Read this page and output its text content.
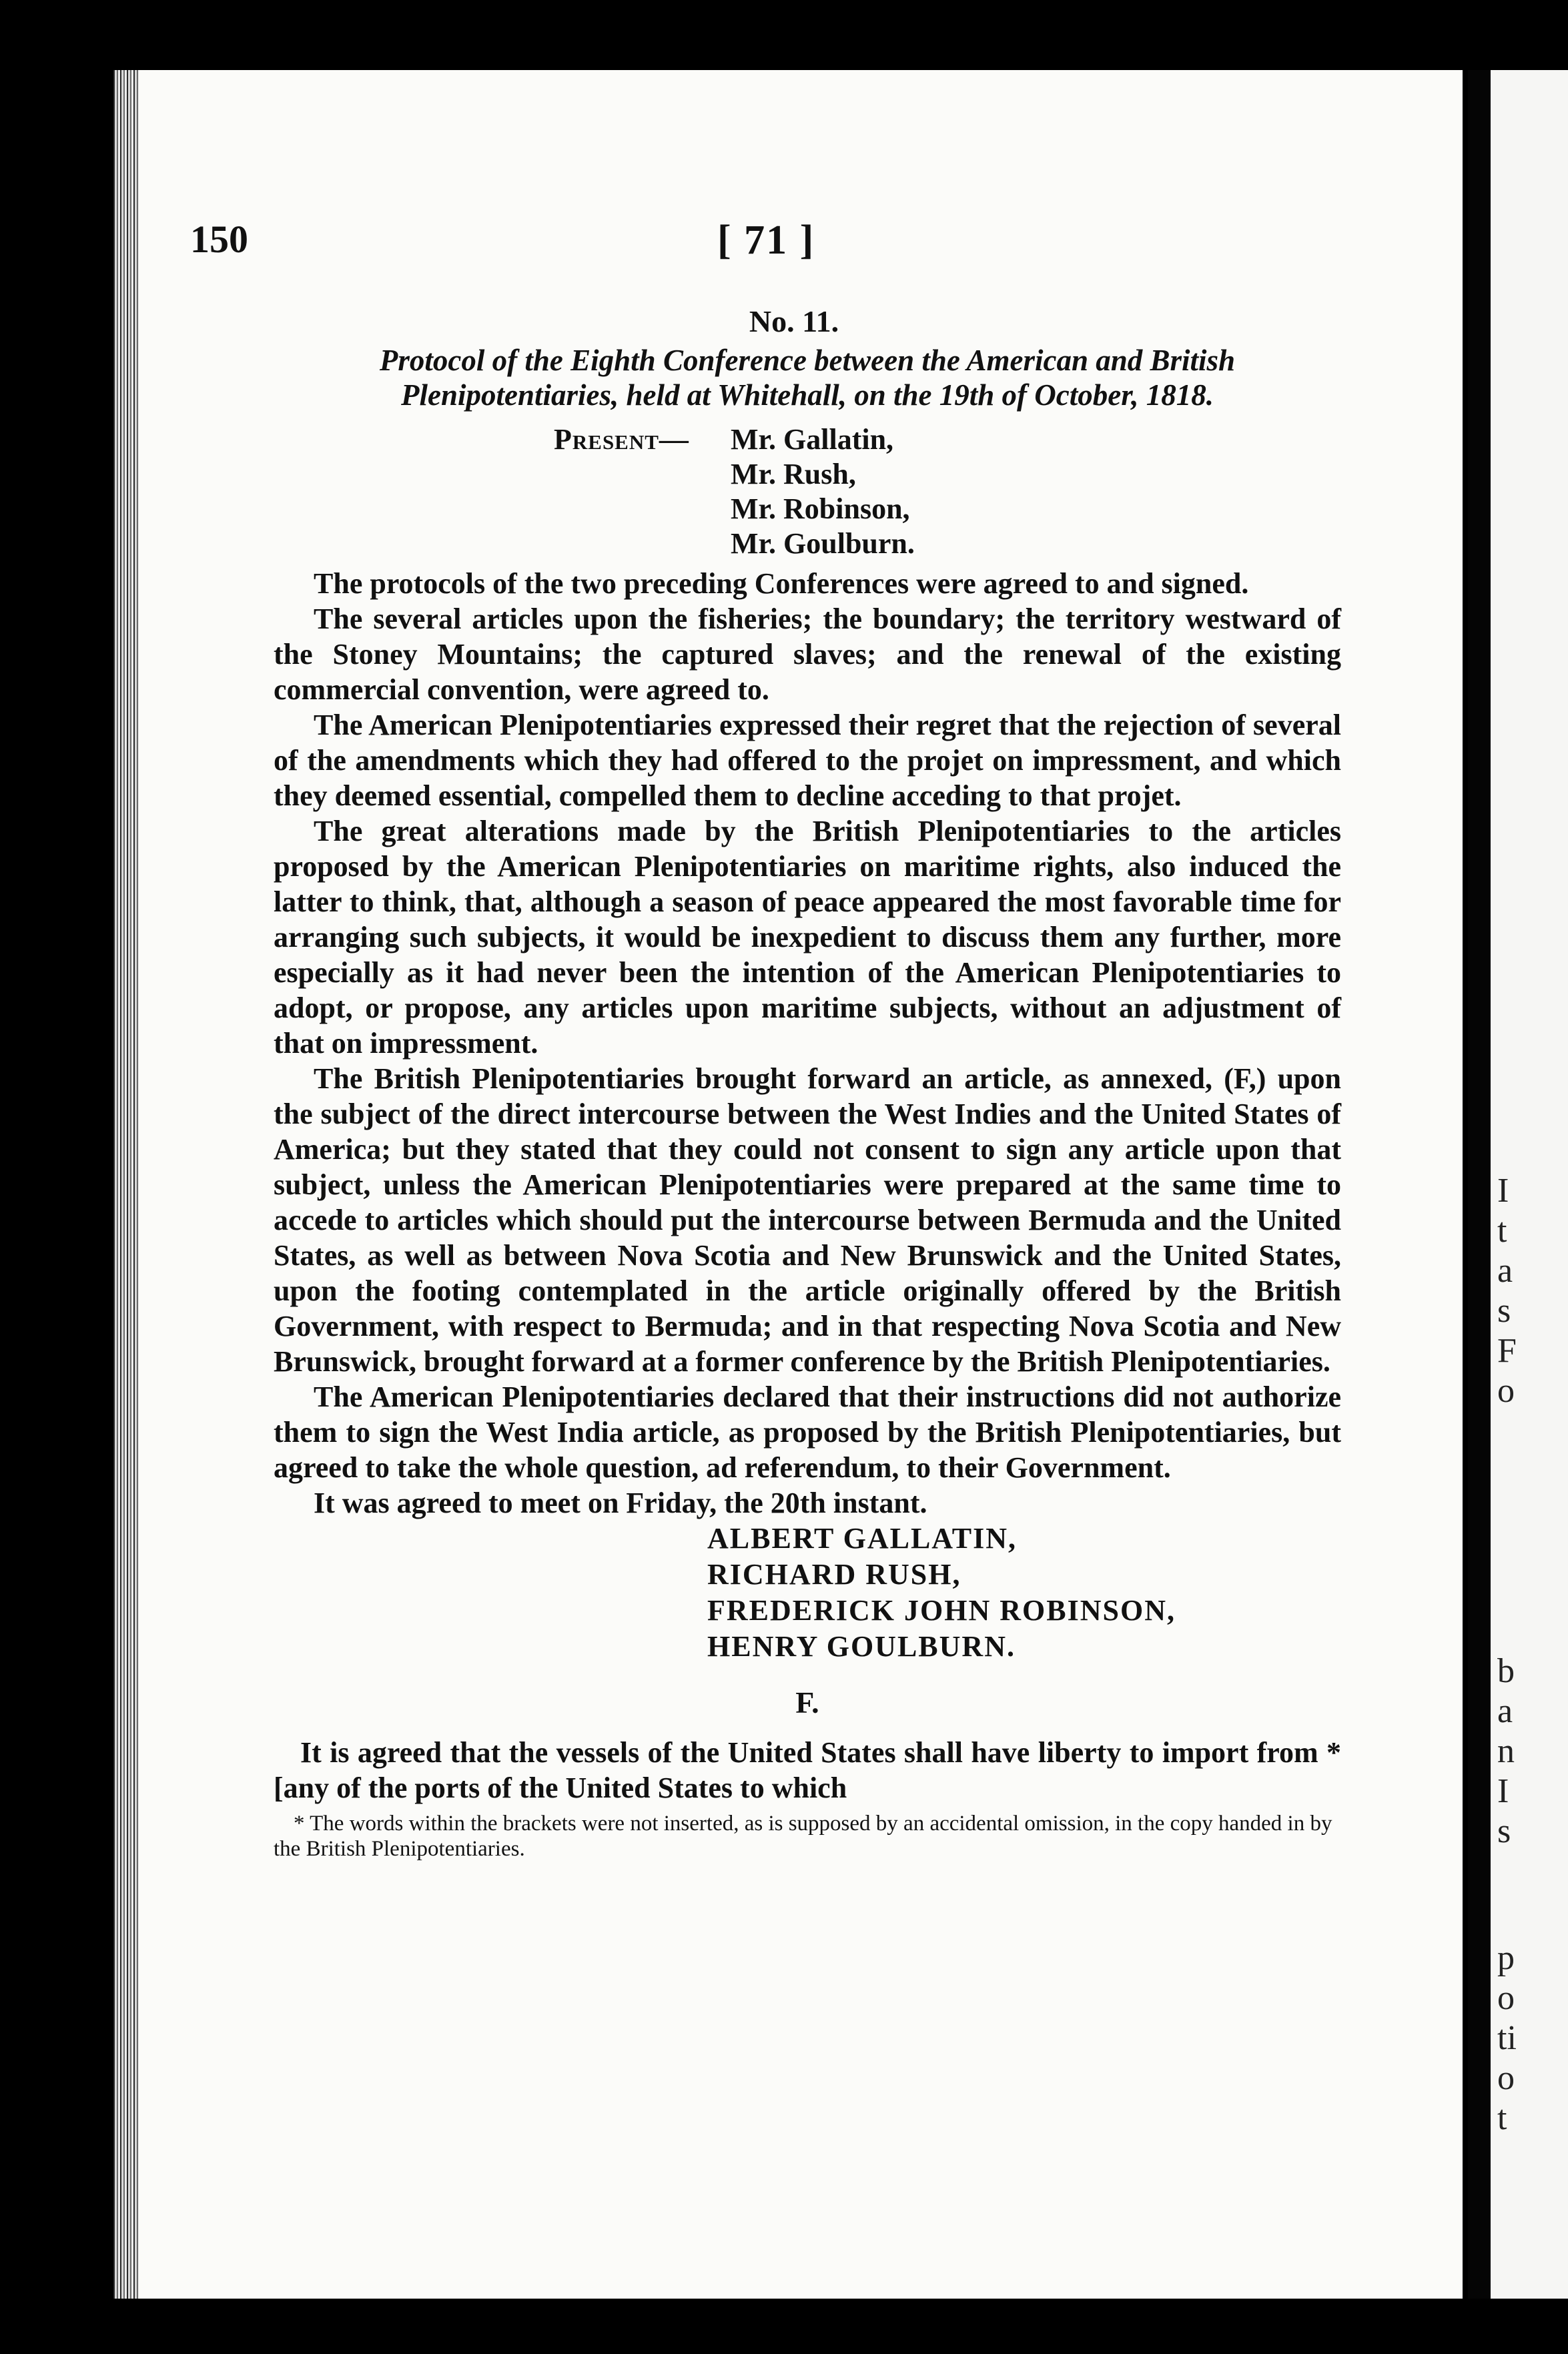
150	[ 71 ]

No. 11.

Protocol of the Eighth Conference between the American and British Plenipotentiaries, held at Whitehall, on the 19th of October, 1818.

Present— Mr. Gallatin,
Mr. Rush,
Mr. Robinson,
Mr. Goulburn.

The protocols of the two preceding Conferences were agreed to and signed.

The several articles upon the fisheries; the boundary; the territory westward of the Stoney Mountains; the captured slaves; and the renewal of the existing commercial convention, were agreed to.

The American Plenipotentiaries expressed their regret that the rejection of several of the amendments which they had offered to the projet on impressment, and which they deemed essential, compelled them to decline acceding to that projet.

The great alterations made by the British Plenipotentiaries to the articles proposed by the American Plenipotentiaries on maritime rights, also induced the latter to think, that, although a season of peace appeared the most favorable time for arranging such subjects, it would be inexpedient to discuss them any further, more especially as it had never been the intention of the American Plenipotentiaries to adopt, or propose, any articles upon maritime subjects, without an adjustment of that on impressment.

The British Plenipotentiaries brought forward an article, as annexed, (F,) upon the subject of the direct intercourse between the West Indies and the United States of America; but they stated that they could not consent to sign any article upon that subject, unless the American Plenipotentiaries were prepared at the same time to accede to articles which should put the intercourse between Bermuda and the United States, as well as between Nova Scotia and New Brunswick and the United States, upon the footing contemplated in the article originally offered by the British Government, with respect to Bermuda; and in that respecting Nova Scotia and New Brunswick, brought forward at a former conference by the British Plenipotentiaries.

The American Plenipotentiaries declared that their instructions did not authorize them to sign the West India article, as proposed by the British Plenipotentiaries, but agreed to take the whole question, ad referendum, to their Government.

It was agreed to meet on Friday, the 20th instant.

ALBERT GALLATIN,
RICHARD RUSH,
FREDERICK JOHN ROBINSON,
HENRY GOULBURN.

F.

It is agreed that the vessels of the United States shall have liberty to import from *[any of the ports of the United States to which

* The words within the brackets were not inserted, as is supposed by an accidental omission, in the copy handed in by the British Plenipotentiaries.

I
t
a
s
F
o
b
a
n
I
s
p
o
ti
o
t
